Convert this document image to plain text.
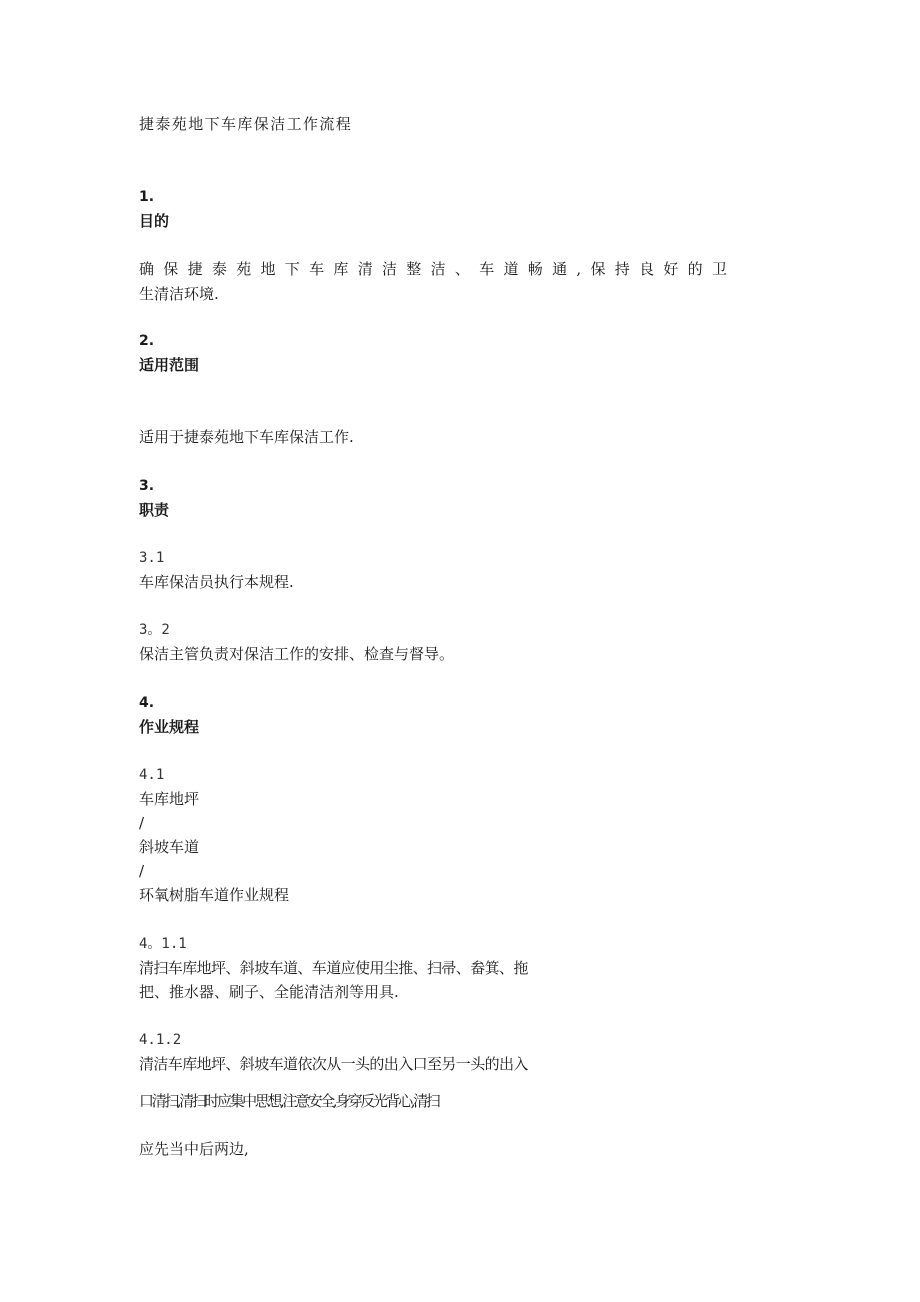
捷泰苑地下车库保洁工作流程
1.
目的
确保捷泰苑地下车库清洁整洁、车道畅通,保持良好的卫
生清洁环境.
2.
适用范围
适用于捷泰苑地下车库保洁工作.
3.
职责
3.1
车库保洁员执行本规程.
3。2
保洁主管负责对保洁工作的安排、检查与督导。
4.
作业规程
4.1
车库地坪
/
斜坡车道
/
环氧树脂车道作业规程
4。1.1
清扫车库地坪、斜坡车道、车道应使用尘推、扫帚、畚箕、拖
把、推水器、刷子、全能清洁剂等用具.
4.1.2
清洁车库地坪、斜坡车道依次从一头的出入口至另一头的出入
口清扫,清扫时应集中思想,注意安全,身穿反光背心,清扫
应先当中后两边,
